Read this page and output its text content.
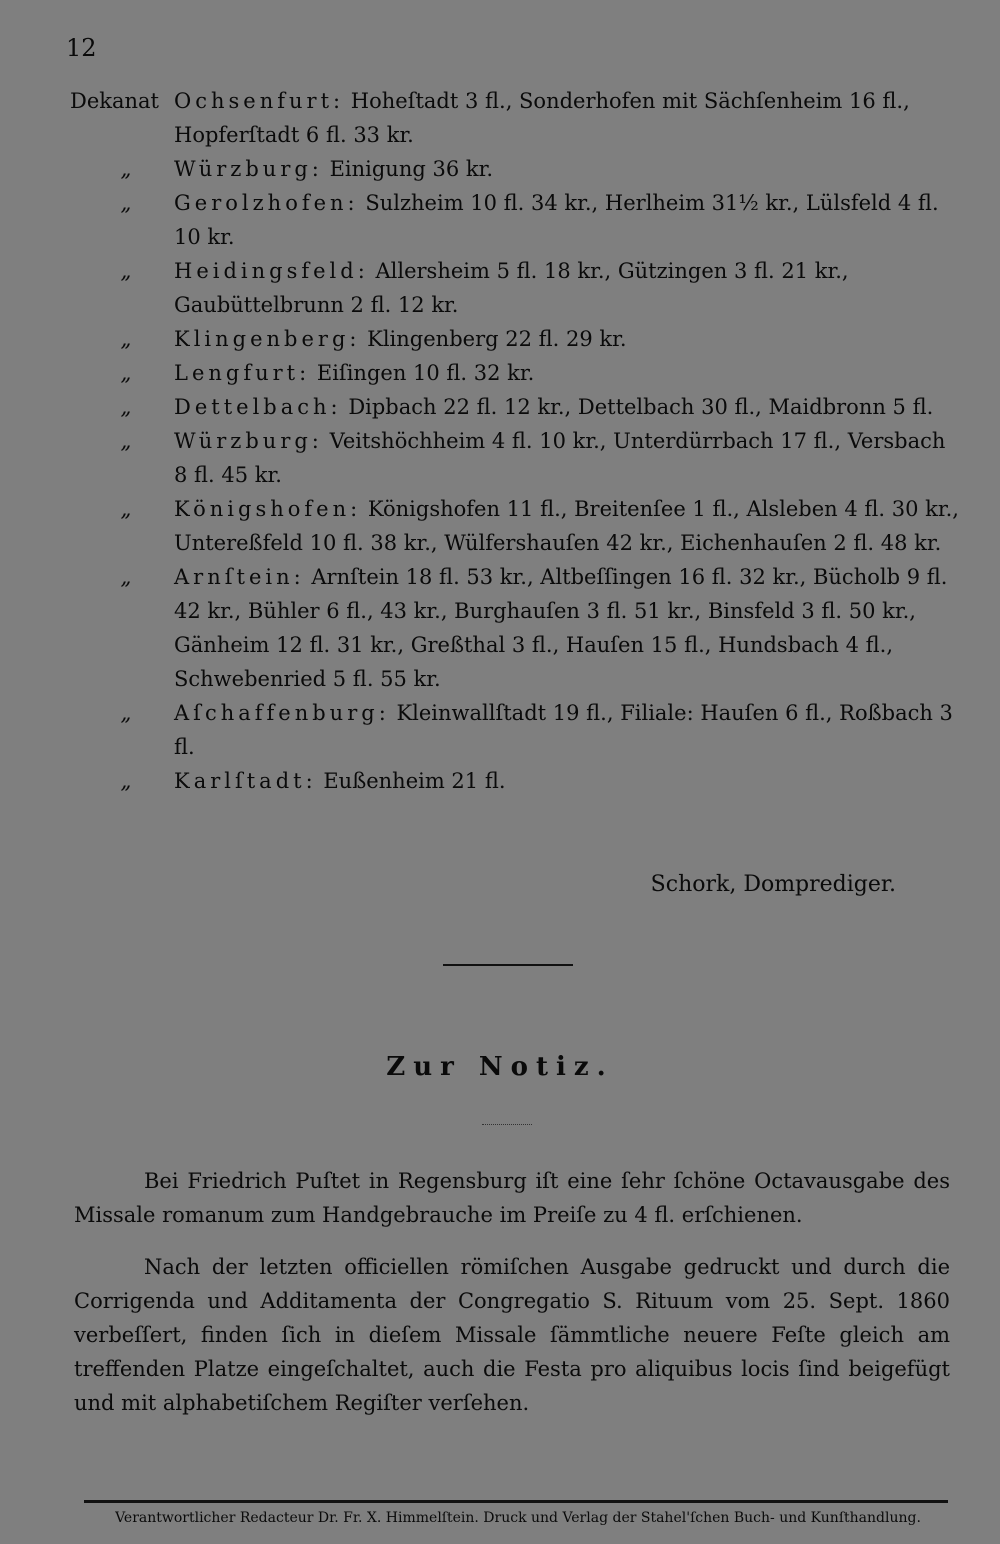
12
Dekanat Ochsenfurt: Hoheſtadt 3 fl., Sonderhofen mit Sächſenheim 16 fl., Hopferſtadt 6 fl. 33 kr.
„	Würzburg: Einigung 36 kr.
„	Gerolzhofen: Sulzheim 10 fl. 34 kr., Herlheim 31½ kr., Lülsfeld 4 fl. 10 kr.
„	Heidingsfeld: Allersheim 5 fl. 18 kr., Gützingen 3 fl. 21 kr., Gaubüttelbrunn 2 fl. 12 kr.
„	Klingenberg: Klingenberg 22 fl. 29 kr.
„	Lengfurt: Eiſingen 10 fl. 32 kr.
„	Dettelbach: Dipbach 22 fl. 12 kr., Dettelbach 30 fl., Maidbronn 5 fl.
„	Würzburg: Veitshöchheim 4 fl. 10 kr., Unterdürrbach 17 fl., Versbach 8 fl. 45 kr.
„	Königshofen: Königshofen 11 fl., Breitenſee 1 fl., Alsleben 4 fl. 30 kr., Untereßfeld 10 fl. 38 kr., Wülfershauſen 42 kr., Eichenhauſen 2 fl. 48 kr.
„	Arnſtein: Arnſtein 18 fl. 53 kr., Altbeſſingen 16 fl. 32 kr., Bücholb 9 fl. 42 kr., Bühler 6 fl., 43 kr., Burghauſen 3 fl. 51 kr., Binsfeld 3 fl. 50 kr., Gänheim 12 fl. 31 kr., Greßthal 3 fl., Hauſen 15 fl., Hundsbach 4 fl., Schwebenried 5 fl. 55 kr.
„	Aſchaffenburg: Kleinwallſtadt 19 fl., Filiale: Hauſen 6 fl., Roßbach 3 fl.
„	Karlſtadt: Eußenheim 21 fl.
Schork, Domprediger.
Zur Notiz.
Bei Friedrich Puſtet in Regensburg iſt eine ſehr ſchöne Octavausgabe des Missale romanum zum Handgebrauche im Preiſe zu 4 fl. erſchienen.
Nach der letzten officiellen römiſchen Ausgabe gedruckt und durch die Corrigenda und Additamenta der Congregatio S. Rituum vom 25. Sept. 1860 verbeſſert, finden ſich in dieſem Missale ſämmtliche neuere Feſte gleich am treffenden Platze eingeſchaltet, auch die Festa pro aliquibus locis ſind beigefügt und mit alphabetiſchem Regiſter verſehen.
Verantwortlicher Redacteur Dr. Fr. X. Himmelſtein. Druck und Verlag der Stahel'ſchen Buch- und Kunſthandlung.
